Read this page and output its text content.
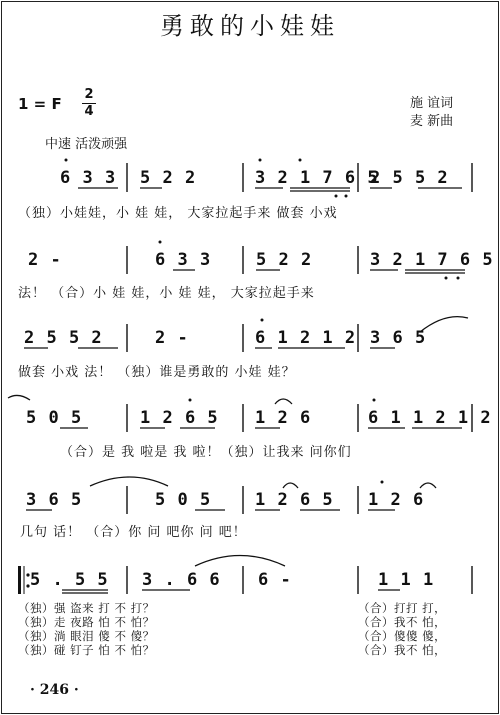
勇敢的小娃娃
1 = F
2
4
施 谊词
麦 新曲
中速 活泼顽强
6 3 3 5 2 2	3 2 1 7 6 5
2 5 5 2
（独）小娃娃，小 娃 娃， 大家拉起手来 做套 小戏
2 -	6 3 3	5 2 2	3 2 1 7 6 5
法！ （合）小 娃 娃，小 娃 娃， 大家拉起手来
2 5 5 2	2 -	6 1 2 1 2 3 6 5
做套 小戏 法！ （独）谁是勇敢的 小娃 娃？
5 0 5	1 2 6 5 1 2 6	6 1 1 2 1 2
（合）是 我 啦是 我 啦！（独）让我来 问你们
3 6 5	5 0 5	1 2 6 5 1 2 6
几句 话！ （合）你 问 吧你 问 吧！
5 . 5 5 3 . 6 6 6 -	1 1 1
（独）强 盗来 打 不 打？
（独）走 夜路 怕 不 怕？
（独）淌 眼泪 傻 不 傻？
（独）碰 钉子 怕 不 怕？
（合）打打 打，
（合）我不 怕，
（合）傻傻 傻，
（合）我不 怕，
· 246 ·
